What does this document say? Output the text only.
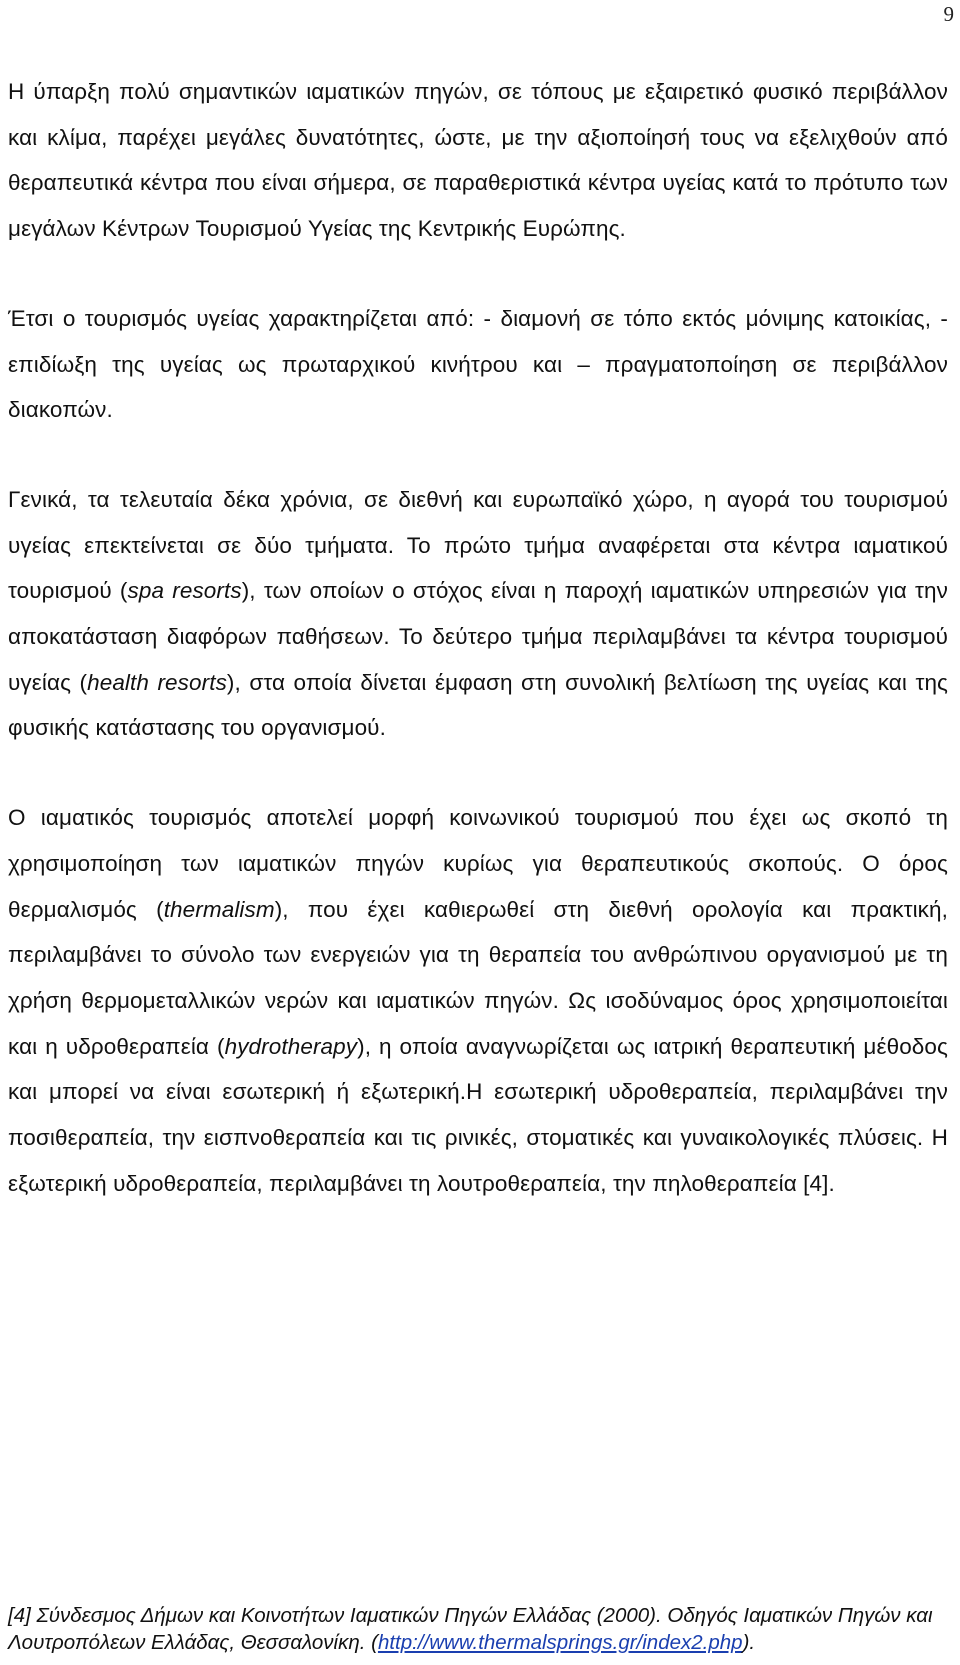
9

Η ύπαρξη πολύ σημαντικών ιαματικών πηγών, σε τόπους με εξαιρετικό φυσικό περιβάλλον και κλίμα, παρέχει μεγάλες δυνατότητες, ώστε, με την αξιοποίησή τους να εξελιχθούν από θεραπευτικά κέντρα που είναι σήμερα, σε παραθεριστικά κέντρα υγείας κατά το πρότυπο των μεγάλων Κέντρων Τουρισμού Υγείας της Κεντρικής Ευρώπης.

Έτσι ο τουρισμός υγείας χαρακτηρίζεται από: - διαμονή σε τόπο εκτός μόνιμης κατοικίας, - επιδίωξη της υγείας ως πρωταρχικού κινήτρου και – πραγματοποίηση σε περιβάλλον διακοπών.

Γενικά, τα τελευταία δέκα χρόνια, σε διεθνή και ευρωπαϊκό χώρο, η αγορά του τουρισμού υγείας επεκτείνεται σε δύο τμήματα. Το πρώτο τμήμα αναφέρεται στα κέντρα ιαματικού τουρισμού (spa resorts), των οποίων ο στόχος είναι η παροχή ιαματικών υπηρεσιών για την αποκατάσταση διαφόρων παθήσεων. Το δεύτερο τμήμα περιλαμβάνει τα κέντρα τουρισμού υγείας (health resorts), στα οποία δίνεται έμφαση στη συνολική βελτίωση της υγείας και της φυσικής κατάστασης του οργανισμού.

Ο ιαματικός τουρισμός αποτελεί μορφή κοινωνικού τουρισμού που έχει ως σκοπό τη χρησιμοποίηση των ιαματικών πηγών κυρίως για θεραπευτικούς σκοπούς. Ο όρος θερμαλισμός (thermalism), που έχει καθιερωθεί στη διεθνή ορολογία και πρακτική, περιλαμβάνει το σύνολο των ενεργειών για τη θεραπεία του ανθρώπινου οργανισμού με τη χρήση θερμομεταλλικών νερών και ιαματικών πηγών. Ως ισοδύναμος όρος χρησιμοποιείται και η υδροθεραπεία (hydrotherapy), η οποία αναγνωρίζεται ως ιατρική θεραπευτική μέθοδος και μπορεί να είναι εσωτερική ή εξωτερική.Η εσωτερική υδροθεραπεία, περιλαμβάνει την ποσιθεραπεία, την εισπνοθεραπεία και τις ρινικές, στοματικές και γυναικολογικές πλύσεις. Η εξωτερική υδροθεραπεία, περιλαμβάνει τη λουτροθεραπεία, την πηλοθεραπεία [4].

[4] Σύνδεσμος Δήμων και Κοινοτήτων Ιαματικών Πηγών Ελλάδας (2000). Οδηγός Ιαματικών Πηγών και Λουτροπόλεων Ελλάδας, Θεσσαλονίκη. (http://www.thermalsprings.gr/index2.php).
